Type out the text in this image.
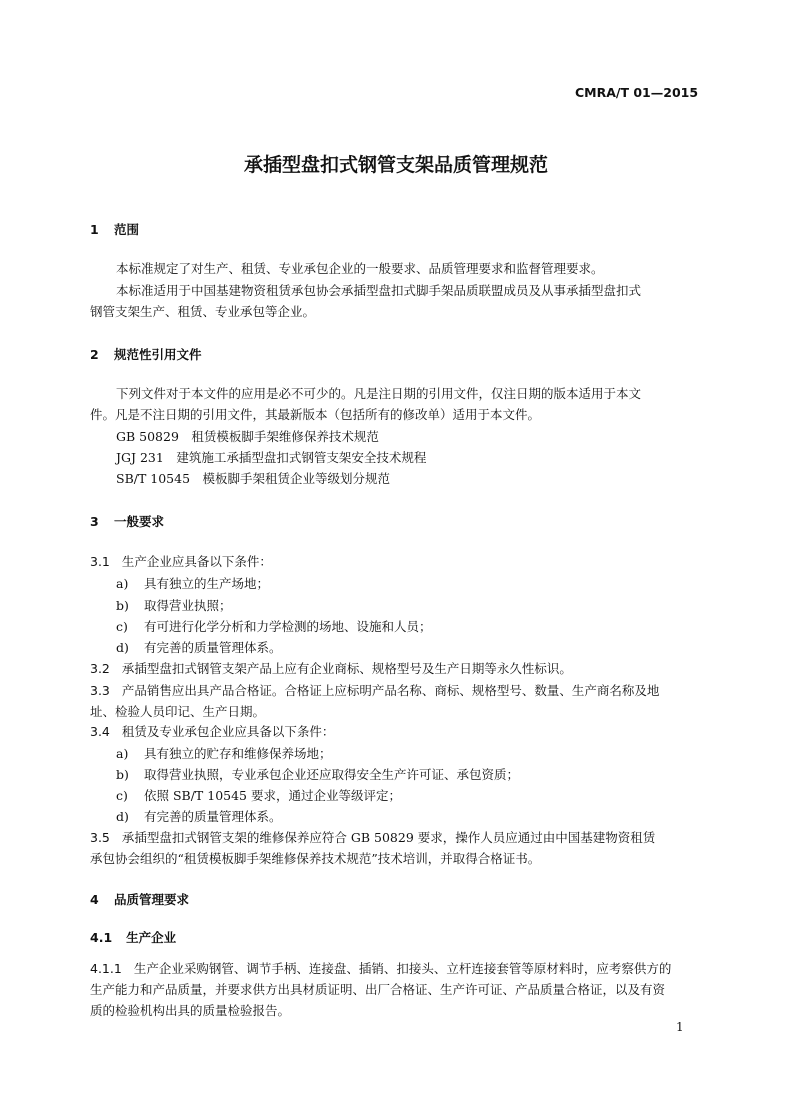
CMRA/T 01—2015
承插型盘扣式钢管支架品质管理规范
1 范围
本标准规定了对生产、租赁、专业承包企业的一般要求、品质管理要求和监督管理要求。
本标准适用于中国基建物资租赁承包协会承插型盘扣式脚手架品质联盟成员及从事承插型盘扣式
钢管支架生产、租赁、专业承包等企业。
2 规范性引用文件
下列文件对于本文件的应用是必不可少的。凡是注日期的引用文件，仅注日期的版本适用于本文
件。凡是不注日期的引用文件，其最新版本（包括所有的修改单）适用于本文件。
GB 50829　租赁模板脚手架维修保养技术规范
JGJ 231　建筑施工承插型盘扣式钢管支架安全技术规程
SB/T 10545　模板脚手架租赁企业等级划分规范
3 一般要求
3.1 生产企业应具备以下条件：
a) 具有独立的生产场地；
b) 取得营业执照；
c) 有可进行化学分析和力学检测的场地、设施和人员；
d) 有完善的质量管理体系。
3.2 承插型盘扣式钢管支架产品上应有企业商标、规格型号及生产日期等永久性标识。
3.3 产品销售应出具产品合格证。合格证上应标明产品名称、商标、规格型号、数量、生产商名称及地
址、检验人员印记、生产日期。
3.4 租赁及专业承包企业应具备以下条件：
a) 具有独立的贮存和维修保养场地；
b) 取得营业执照，专业承包企业还应取得安全生产许可证、承包资质；
c) 依照 SB/T 10545 要求，通过企业等级评定；
d) 有完善的质量管理体系。
3.5 承插型盘扣式钢管支架的维修保养应符合 GB 50829 要求，操作人员应通过由中国基建物资租赁
承包协会组织的“租赁模板脚手架维修保养技术规范”技术培训，并取得合格证书。
4 品质管理要求
4.1 生产企业
4.1.1 生产企业采购钢管、调节手柄、连接盘、插销、扣接头、立杆连接套管等原材料时，应考察供方的
生产能力和产品质量，并要求供方出具材质证明、出厂合格证、生产许可证、产品质量合格证，以及有资
质的检验机构出具的质量检验报告。
1
